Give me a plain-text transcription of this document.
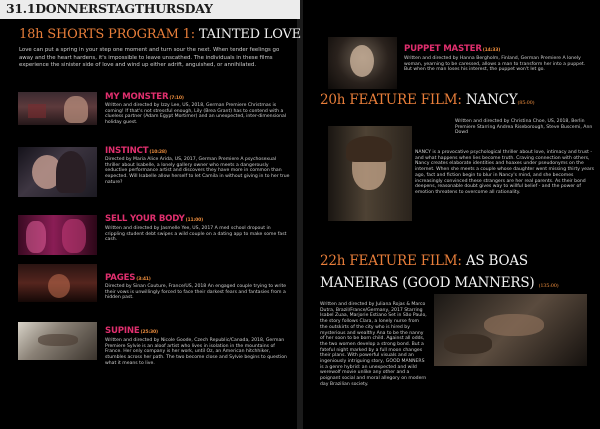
31.1DONNERSTAGTHURSDAY
18h SHORTS PROGRAM 1: TAINTED LOVE
Love can put a spring in your step one moment and turn sour the next. When tender feelings go away and the heart hardens, it's impossible to leave unscathed. The individuals in these films experience the sinister side of love and wind up either adrift, anguished, or annihilated.
MY MONSTER(7:10)
Written and directed by Izzy Lee, US, 2018, German Premiere Christmas is coming! If that's not stressful enough, Lily (Brea Grant) has to contend with a clueless partner (Adam Egypt Mortimer) and an unexpected, inter-dimensional holiday guest.
INSTINCT(10:28)
Directed by Maria Alice Arida, US, 2017, German Premiere A psychosexual thriller about Isabelle, a lonely gallery owner who meets a dangerously seductive performance artist and discovers they have more in common than expected. Will Isabelle allow herself to let Camila in without giving in to her true nature?
SELL YOUR BODY(11:00)
Written and directed by Jasmelle Yee, US, 2017 A med school dropout in crippling student debt swipes a wild couple on a dating app to make some fast cash.
PAGES(3:41)
Directed by Sinan Couture, France/US, 2018 An engaged couple trying to write their vows is unwillingly forced to face their darkest fears and fantasies from a hidden past.
SUPINE(25:30)
Written and directed by Nicole Goode, Czech Republic/Canada, 2018, German Premiere Sylvie is an aloof artist who lives in isolation in the mountains of France. Her only company is her work, until Oz, an American hitchhiker, stumbles across her path. The two become close and Sylvie begins to question what it means to live.
PUPPET MASTER(14:33)
Written and directed by Hanna Bergholm, Finland, German Premiere A lonely woman, yearning to be caressed, allows a man to transform her into a puppet. But when the man loses his interest, the puppet won't let go.
20h FEATURE FILM: NANCY(85:00)
Written and directed by Christina Choe, US, 2018, Berlin Premiere Starring Andrea Riseborough, Steve Buscemi, Ann Dowd
NANCY is a provocative psychological thriller about love, intimacy and trust - and what happens when lies become truth. Craving connection with others, Nancy creates elaborate identities and hoaxes under pseudonyms on the internet. When she meets a couple whose daughter went missing thirty years ago, fact and fiction begin to blur in Nancy's mind, and she becomes increasingly convinced these strangers are her real parents. As their bond deepens, reasonable doubt gives way to willful belief - and the power of emotion threatens to overcome all rationality.
22h FEATURE FILM: AS BOAS MANEIRAS (GOOD MANNERS) (135:00)
Written and directed by Juliana Rojas & Marco Dutra, Brazil/France/Germany, 2017 Starring Isabel Zuaa, Marjorie Estiano Set in São Paulo, the story follows Clara, a lonely nurse from the outskirts of the city who is hired by mysterious and wealthy Ana to be the nanny of her soon to be born child. Against all odds, the two women develop a strong bond. But a fateful night marked by a full moon changes their plans. With powerful visuals and an ingeniously intriguing story, GOOD MANNERS is a genre hybrid: an unexpected and wild werewolf movie unlike any other and a poignant social and moral allegory on modern day Brazilian society.
